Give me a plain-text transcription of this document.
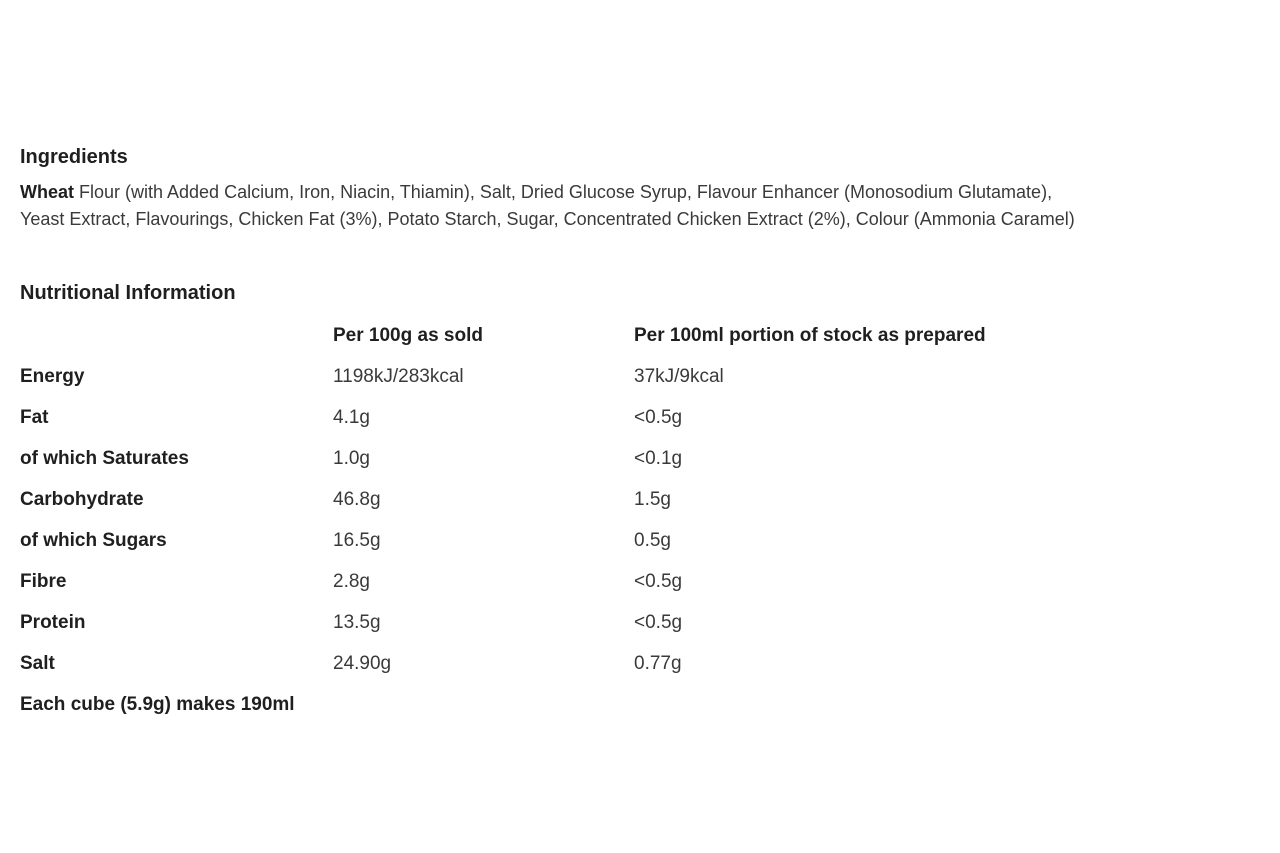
Ingredients
Wheat Flour (with Added Calcium, Iron, Niacin, Thiamin), Salt, Dried Glucose Syrup, Flavour Enhancer (Monosodium Glutamate),
Yeast Extract, Flavourings, Chicken Fat (3%), Potato Starch, Sugar, Concentrated Chicken Extract (2%), Colour (Ammonia Caramel)
Nutritional Information
	Per 100g as sold	Per 100ml portion of stock as prepared
Energy	1198kJ/283kcal	37kJ/9kcal
Fat	4.1g	<0.5g
of which Saturates	1.0g	<0.1g
Carbohydrate	46.8g	1.5g
of which Sugars	16.5g	0.5g
Fibre	2.8g	<0.5g
Protein	13.5g	<0.5g
Salt	24.90g	0.77g
Each cube (5.9g) makes 190ml
